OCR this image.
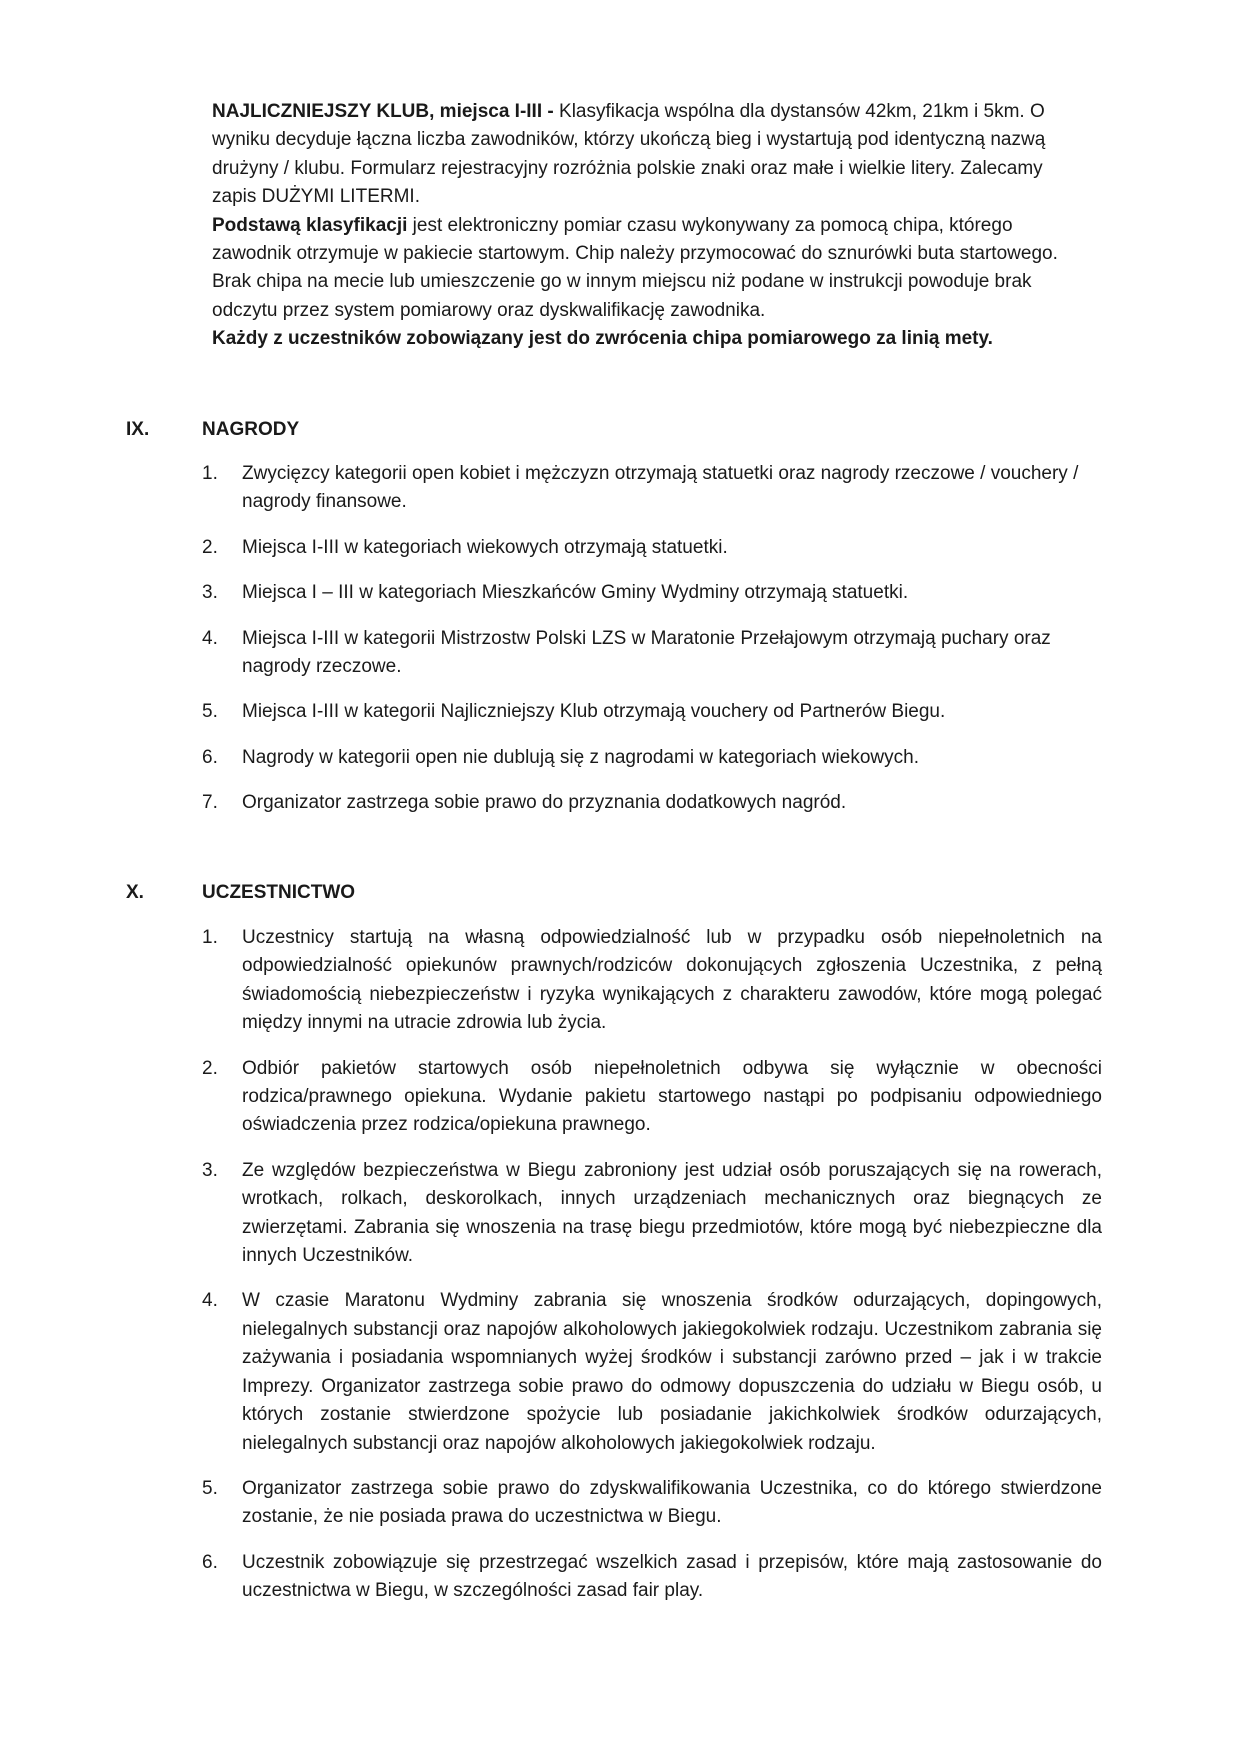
NAJLICZNIEJSZY KLUB, miejsca I-III - Klasyfikacja wspólna dla dystansów 42km, 21km i 5km. O wyniku decyduje łączna liczba zawodników, którzy ukończą bieg i wystartują pod identyczną nazwą drużyny / klubu. Formularz rejestracyjny rozróżnia polskie znaki oraz małe i wielkie litery. Zalecamy zapis DUŻYMI LITERMI.

Podstawą klasyfikacji jest elektroniczny pomiar czasu wykonywany za pomocą chipa, którego zawodnik otrzymuje w pakiecie startowym. Chip należy przymocować do sznurówki buta startowego. Brak chipa na mecie lub umieszczenie go w innym miejscu niż podane w instrukcji powoduje brak odczytu przez system pomiarowy oraz dyskwalifikację zawodnika.

Każdy z uczestników zobowiązany jest do zwrócenia chipa pomiarowego za linią mety.

IX.	NAGRODY
1. Zwycięzcy kategorii open kobiet i mężczyzn otrzymają statuetki oraz nagrody rzeczowe / vouchery / nagrody finansowe.
2. Miejsca I-III w kategoriach wiekowych otrzymają statuetki.
3. Miejsca I – III w kategoriach Mieszkańców Gminy Wydminy otrzymają statuetki.
4. Miejsca I-III w kategorii Mistrzostw Polski LZS w Maratonie Przełajowym otrzymają puchary oraz nagrody rzeczowe.
5. Miejsca I-III w kategorii Najliczniejszy Klub otrzymają vouchery od Partnerów Biegu.
6. Nagrody w kategorii open nie dublują się z nagrodami w kategoriach wiekowych.
7. Organizator zastrzega sobie prawo do przyznania dodatkowych nagród.
X.	UCZESTNICTWO
1. Uczestnicy startują na własną odpowiedzialność lub w przypadku osób niepełnoletnich na odpowiedzialność opiekunów prawnych/rodziców dokonujących zgłoszenia Uczestnika, z pełną świadomością niebezpieczeństw i ryzyka wynikających z charakteru zawodów, które mogą polegać między innymi na utracie zdrowia lub życia.
2. Odbiór pakietów startowych osób niepełnoletnich odbywa się wyłącznie w obecności rodzica/prawnego opiekuna. Wydanie pakietu startowego nastąpi po podpisaniu odpowiedniego oświadczenia przez rodzica/opiekuna prawnego.
3. Ze względów bezpieczeństwa w Biegu zabroniony jest udział osób poruszających się na rowerach, wrotkach, rolkach, deskorolkach, innych urządzeniach mechanicznych oraz biegnących ze zwierzętami. Zabrania się wnoszenia na trasę biegu przedmiotów, które mogą być niebezpieczne dla innych Uczestników.
4. W czasie Maratonu Wydminy zabrania się wnoszenia środków odurzających, dopingowych, nielegalnych substancji oraz napojów alkoholowych jakiegokolwiek rodzaju. Uczestnikom zabrania się zażywania i posiadania wspomnianych wyżej środków i substancji zarówno przed – jak i w trakcie Imprezy. Organizator zastrzega sobie prawo do odmowy dopuszczenia do udziału w Biegu osób, u których zostanie stwierdzone spożycie lub posiadanie jakichkolwiek środków odurzających, nielegalnych substancji oraz napojów alkoholowych jakiegokolwiek rodzaju.
5. Organizator zastrzega sobie prawo do zdyskwalifikowania Uczestnika, co do którego stwierdzone zostanie, że nie posiada prawa do uczestnictwa w Biegu.
6. Uczestnik zobowiązuje się przestrzegać wszelkich zasad i przepisów, które mają zastosowanie do uczestnictwa w Biegu, w szczególności zasad fair play.
